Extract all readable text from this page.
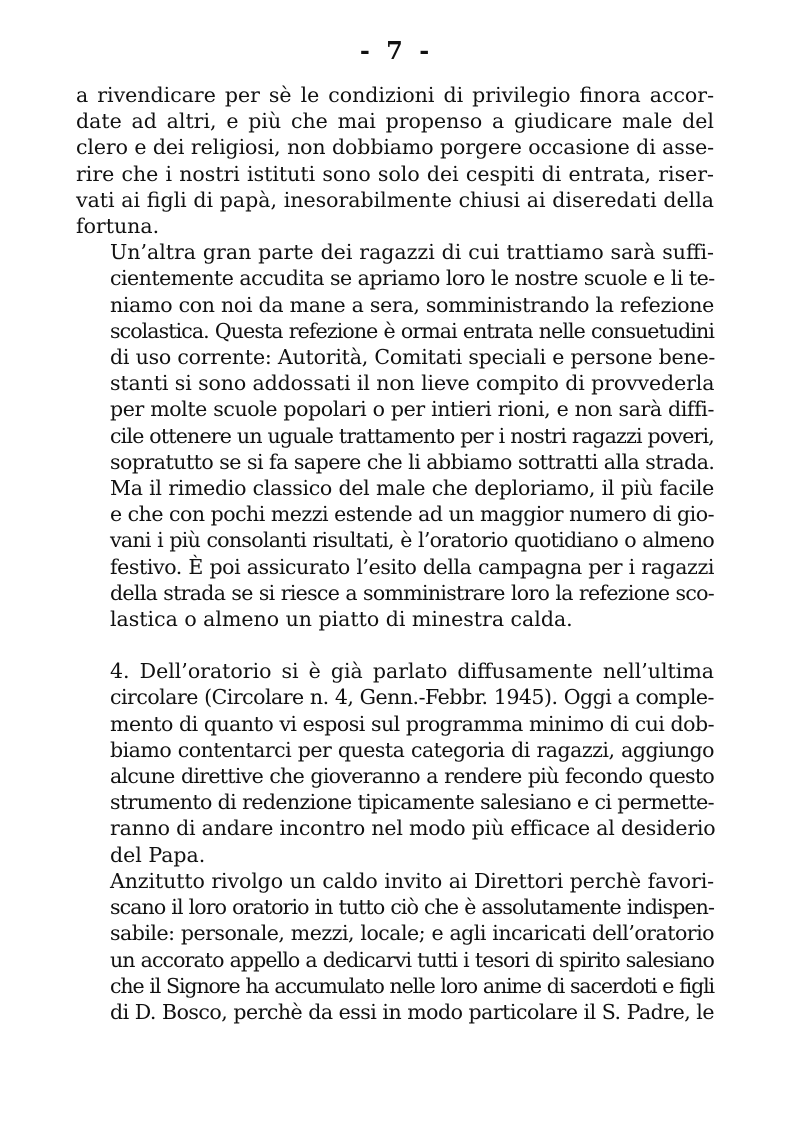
- 7 -

a rivendicare per sè le condizioni di privilegio finora accor-
date ad altri, e più che mai propenso a giudicare male del
clero e dei religiosi, non dobbiamo porgere occasione di asse-
rire che i nostri istituti sono solo dei cespiti di entrata, riser-
vati ai figli di papà, inesorabilmente chiusi ai diseredati della
fortuna.

Un’altra gran parte dei ragazzi di cui trattiamo sarà suffi-
cientemente accudita se apriamo loro le nostre scuole e li te-
niamo con noi da mane a sera, somministrando la refezione
scolastica. Questa refezione è ormai entrata nelle consuetudini
di uso corrente: Autorità, Comitati speciali e persone bene-
stanti si sono addossati il non lieve compito di provvederla
per molte scuole popolari o per intieri rioni, e non sarà diffi-
cile ottenere un uguale trattamento per i nostri ragazzi poveri,
sopratutto se si fa sapere che li abbiamo sottratti alla strada.

Ma il rimedio classico del male che deploriamo, il più facile
e che con pochi mezzi estende ad un maggior numero di gio-
vani i più consolanti risultati, è l’oratorio quotidiano o almeno
festivo. È poi assicurato l’esito della campagna per i ragazzi
della strada se si riesce a somministrare loro la refezione sco-
lastica o almeno un piatto di minestra calda.

4. Dell’oratorio si è già parlato diffusamente nell’ultima
circolare (Circolare n. 4, Genn.-Febbr. 1945). Oggi a comple-
mento di quanto vi esposi sul programma minimo di cui dob-
biamo contentarci per questa categoria di ragazzi, aggiungo
alcune direttive che gioveranno a rendere più fecondo questo
strumento di redenzione tipicamente salesiano e ci permette-
ranno di andare incontro nel modo più efficace al desiderio
del Papa.

Anzitutto rivolgo un caldo invito ai Direttori perchè favori-
scano il loro oratorio in tutto ciò che è assolutamente indispen-
sabile: personale, mezzi, locale; e agli incaricati dell’oratorio
un accorato appello a dedicarvi tutti i tesori di spirito salesiano
che il Signore ha accumulato nelle loro anime di sacerdoti e figli
di D. Bosco, perchè da essi in modo particolare il S. Padre, le
